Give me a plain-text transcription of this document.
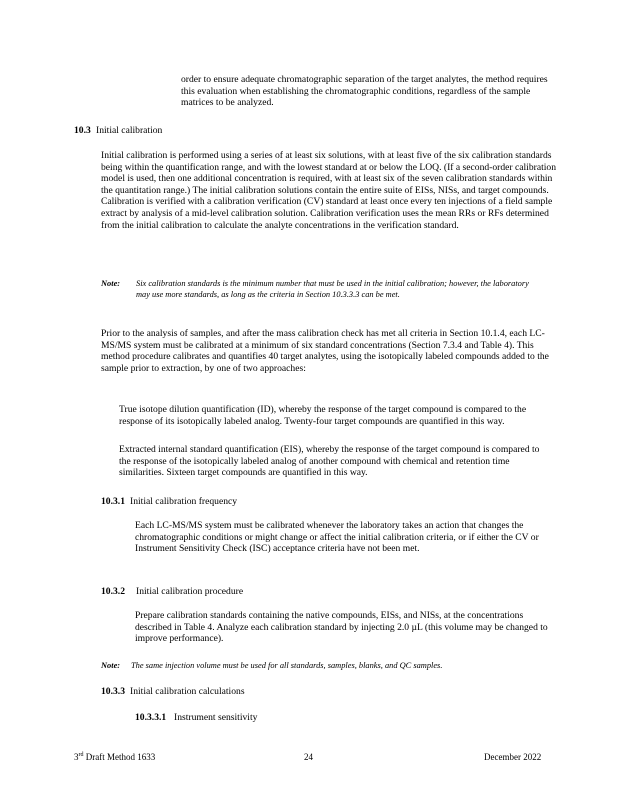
order to ensure adequate chromatographic separation of the target analytes, the method requires this evaluation when establishing the chromatographic conditions, regardless of the sample matrices to be analyzed.

10.3 Initial calibration

Initial calibration is performed using a series of at least six solutions, with at least five of the six calibration standards being within the quantification range, and with the lowest standard at or below the LOQ. (If a second-order calibration model is used, then one additional concentration is required, with at least six of the seven calibration standards within the quantitation range.) The initial calibration solutions contain the entire suite of EISs, NISs, and target compounds. Calibration is verified with a calibration verification (CV) standard at least once every ten injections of a field sample extract by analysis of a mid-level calibration solution. Calibration verification uses the mean RRs or RFs determined from the initial calibration to calculate the analyte concentrations in the verification standard.

Note: Six calibration standards is the minimum number that must be used in the initial calibration; however, the laboratory may use more standards, as long as the criteria in Section 10.3.3.3 can be met.

Prior to the analysis of samples, and after the mass calibration check has met all criteria in Section 10.1.4, each LC-MS/MS system must be calibrated at a minimum of six standard concentrations (Section 7.3.4 and Table 4). This method procedure calibrates and quantifies 40 target analytes, using the isotopically labeled compounds added to the sample prior to extraction, by one of two approaches:

True isotope dilution quantification (ID), whereby the response of the target compound is compared to the response of its isotopically labeled analog. Twenty-four target compounds are quantified in this way.
Extracted internal standard quantification (EIS), whereby the response of the target compound is compared to the response of the isotopically labeled analog of another compound with chemical and retention time similarities. Sixteen target compounds are quantified in this way.
10.3.1 Initial calibration frequency

Each LC-MS/MS system must be calibrated whenever the laboratory takes an action that changes the chromatographic conditions or might change or affect the initial calibration criteria, or if either the CV or Instrument Sensitivity Check (ISC) acceptance criteria have not been met.

10.3.2 Initial calibration procedure

Prepare calibration standards containing the native compounds, EISs, and NISs, at the concentrations described in Table 4. Analyze each calibration standard by injecting 2.0 µL (this volume may be changed to improve performance).

Note: The same injection volume must be used for all standards, samples, blanks, and QC samples.
10.3.3 Initial calibration calculations
10.3.3.1 Instrument sensitivity
3rd Draft Method 1633	24	December 2022
